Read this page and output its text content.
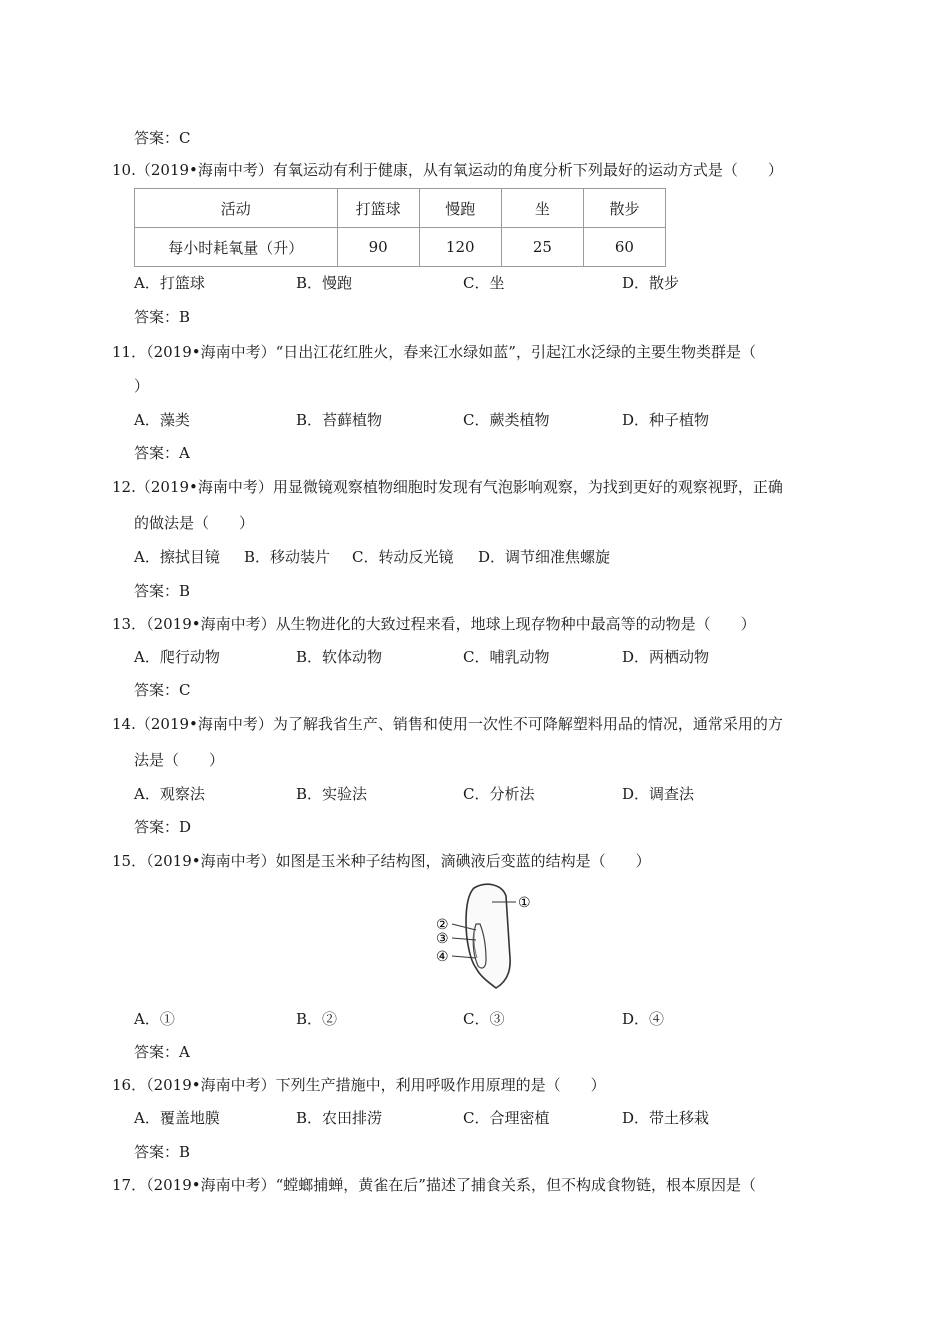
答案：C
10.（2019•海南中考）有氧运动有利于健康，从有氧运动的角度分析下列最好的运动方式是（　　）
活动	打篮球	慢跑	坐	散步
每小时耗氧量（升）	90	120	25	60
A．打篮球	B．慢跑	C．坐	D．散步
答案：B
11．（2019•海南中考）“日出江花红胜火，春来江水绿如蓝”，引起江水泛绿的主要生物类群是（
）
A．藻类	B．苔藓植物	C．蕨类植物	D．种子植物
答案：A
12.（2019•海南中考）用显微镜观察植物细胞时发现有气泡影响观察，为找到更好的观察视野，正确
的做法是（　　）
A．擦拭目镜 B．移动装片 C．转动反光镜 D．调节细准焦螺旋
答案：B
13．（2019•海南中考）从生物进化的大致过程来看，地球上现存物种中最高等的动物是（　　）
A．爬行动物	B．软体动物	C．哺乳动物	D．两栖动物
答案：C
14.（2019•海南中考）为了解我省生产、销售和使用一次性不可降解塑料用品的情况，通常采用的方
法是（　　）
A．观察法	B．实验法	C．分析法	D．调查法
答案：D
15．（2019•海南中考）如图是玉米种子结构图，滴碘液后变蓝的结构是（　　）
①
②
③
④
A．①	B．②	C．③	D．④
答案：A
16．（2019•海南中考）下列生产措施中，利用呼吸作用原理的是（　　）
A．覆盖地膜	B．农田排涝	C．合理密植	D．带土移栽
答案：B
17．（2019•海南中考）“螳螂捕蝉，黄雀在后”描述了捕食关系，但不构成食物链，根本原因是（
